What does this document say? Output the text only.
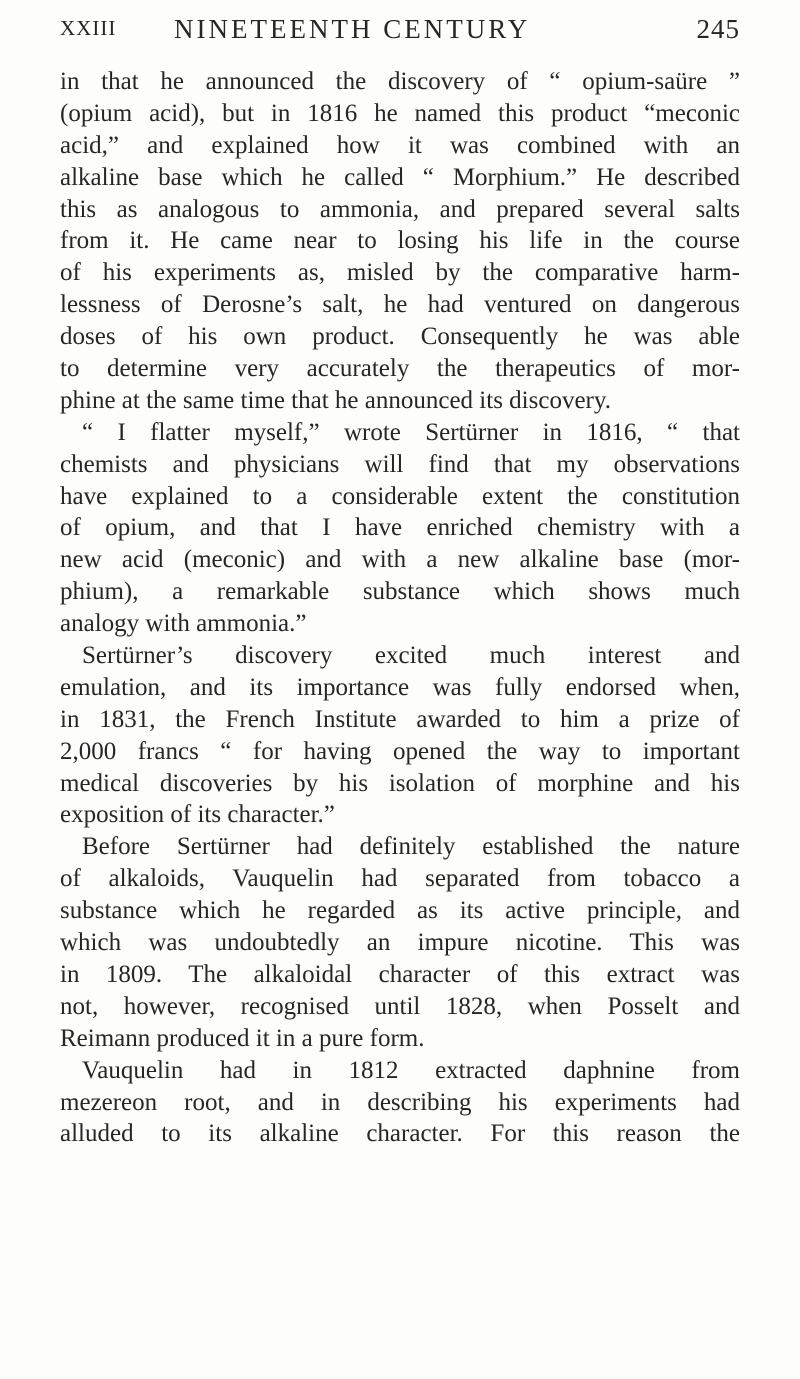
XXIII NINETEENTH CENTURY	245
in that he announced the discovery of “ opium-saüre ”
(opium acid), but in 1816 he named this product “meconic
acid,” and explained how it was combined with an
alkaline base which he called “ Morphium.” He described
this as analogous to ammonia, and prepared several salts
from it. He came near to losing his life in the course
of his experiments as, misled by the comparative harm-
lessness of Derosne’s salt, he had ventured on dangerous
doses of his own product. Consequently he was able
to determine very accurately the therapeutics of mor-
phine at the same time that he announced its discovery.
“ I flatter myself,” wrote Sertürner in 1816, “ that
chemists and physicians will find that my observations
have explained to a considerable extent the constitution
of opium, and that I have enriched chemistry with a
new acid (meconic) and with a new alkaline base (mor-
phium), a remarkable substance which shows much
analogy with ammonia.”
Sertürner’s discovery excited much interest and
emulation, and its importance was fully endorsed when,
in 1831, the French Institute awarded to him a prize of
2,000 francs “ for having opened the way to important
medical discoveries by his isolation of morphine and his
exposition of its character.”
Before Sertürner had definitely established the nature
of alkaloids, Vauquelin had separated from tobacco a
substance which he regarded as its active principle, and
which was undoubtedly an impure nicotine. This was
in 1809. The alkaloidal character of this extract was
not, however, recognised until 1828, when Posselt and
Reimann produced it in a pure form.
Vauquelin had in 1812 extracted daphnine from
mezereon root, and in describing his experiments had
alluded to its alkaline character. For this reason the
